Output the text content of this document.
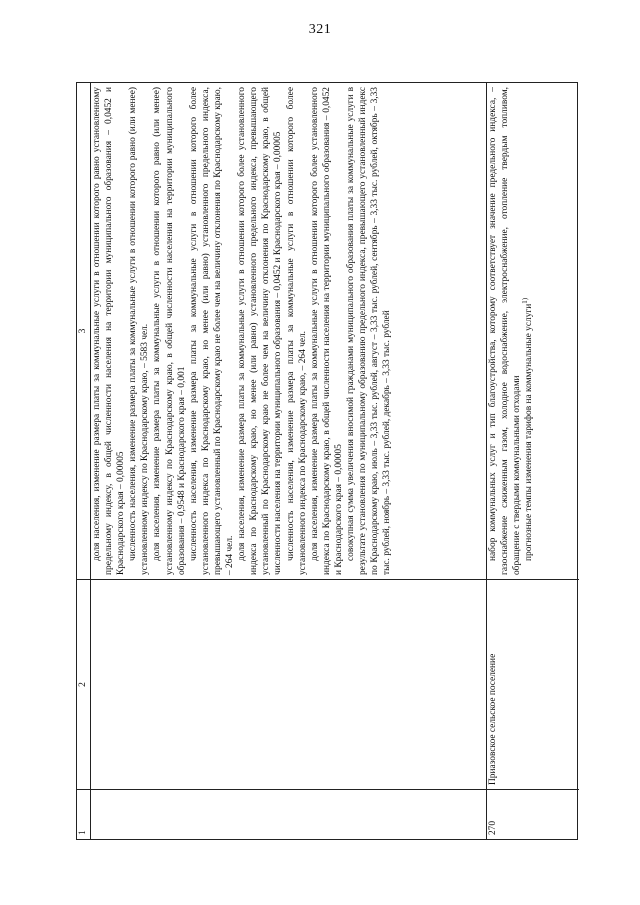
321
1
2
3 доля населения, изменение размера платы за коммунальные услуги в отношении которого равно установленному предельному индексу, в общей численности населения на территории муниципального образования – 0,0452 и Краснодарского края – 0,00005 численность населения, изменение размера платы за коммунальные услуги в отношении которого равно (или менее) установленному индексу по Краснодарскому краю, – 5583 чел. доля населения, изменение размера платы за коммунальные услуги в отношении которого равно (или менее) установленному индексу по Краснодарскому краю, в общей численности населения на территории муниципального образования – 0,9548 и Краснодарского края – 0,001 численность населения, изменение размера платы за коммунальные услуги в отношении которого более установленного индекса по Краснодарскому краю, но менее (или равно) установленного предельного индекса, превышающего установленный по Краснодарскому краю не более чем на величину отклонения по Краснодарскому краю, – 264 чел. доля населения, изменение размера платы за коммунальные услуги в отношении которого более установленного индекса по Краснодарскому краю, но менее (или равно) установленного предельного индекса, превышающего установленный по Краснодарскому краю не более чем на величину отклонения по Краснодарскому краю, в общей численности населения на территории муниципального образования – 0,0452 и Краснодарского края – 0,00005 численность населения, изменение размера платы за коммунальные услуги в отношении которого более установленного индекса по Краснодарскому краю, – 264 чел. доля населения, изменение размера платы за коммунальные услуги в отношении которого более установленного индекса по Краснодарскому краю, в общей численности населения на территории муниципального образования – 0,0452 и Краснодарского края – 0,00005 совокупная сумма увеличения вносимой гражданами муниципального образования платы за коммунальные услуги в результате установления по муниципальному образованию предельного индекса, превышающего установленный индекс по Краснодарскому краю, июль – 3,33 тыс. рублей, август – 3,33 тыс. рублей, сентябрь – 3,33 тыс. рублей, октябрь – 3,33 тыс. рублей, ноябрь – 3,33 тыс. рублей, декабрь – 3,33 тыс. рублей

270
Приазовское сельское поселение

набор коммунальных услуг и тип благоустройства, которому соответствует значение предельного индекса, – газоснабжение сжиженным газом, холодное водоснабжение, электроснабжение, отопление твердым топливом, обращение с твердыми коммунальными отходами прогнозные темпы изменения тарифов на коммунальные услуги$^{1)}$
